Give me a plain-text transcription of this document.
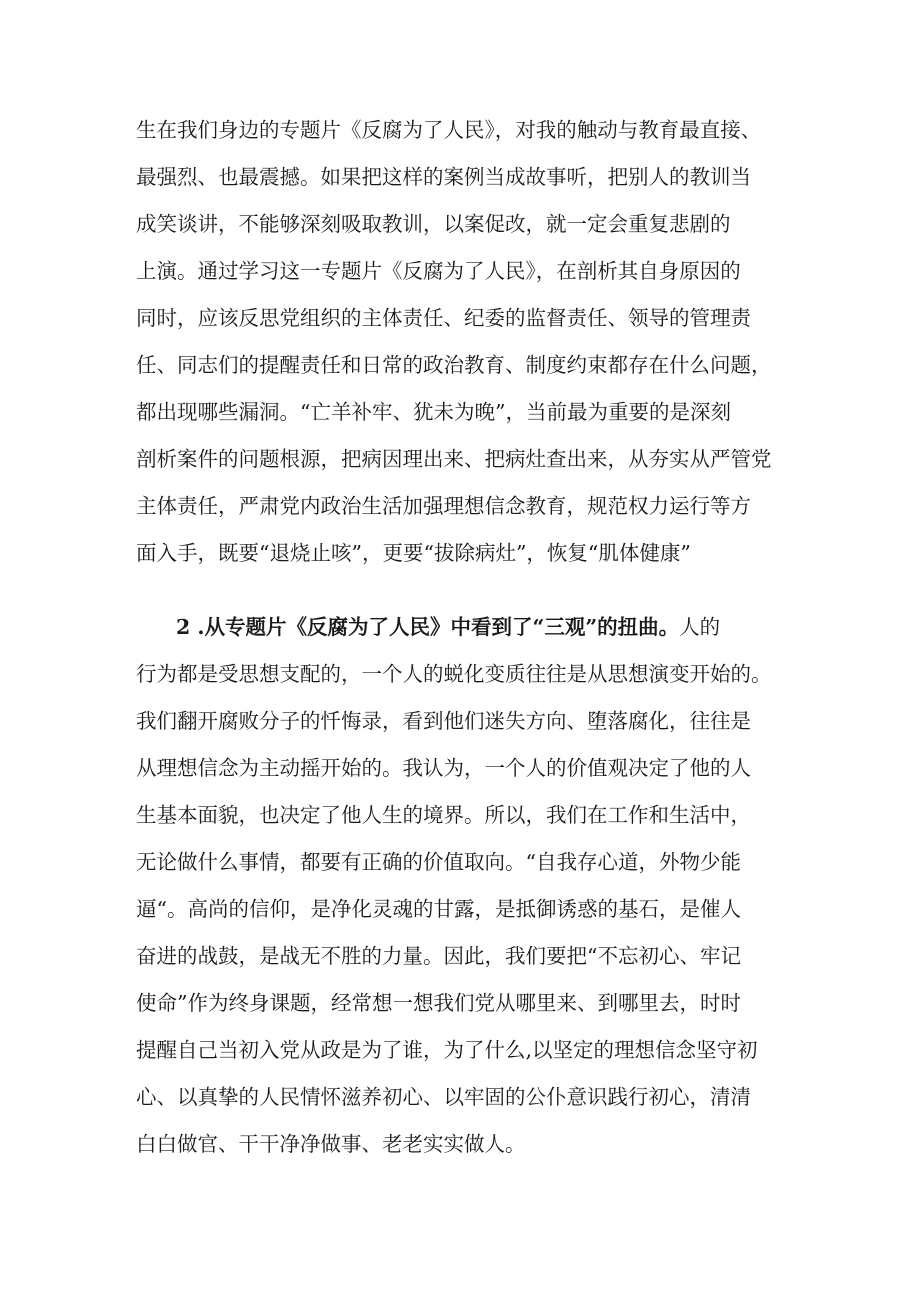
生在我们身边的专题片《反腐为了人民》，对我的触动与教育最直接、
最强烈、也最震撼。如果把这样的案例当成故事听，把别人的教训当
成笑谈讲，不能够深刻吸取教训，以案促改，就一定会重复悲剧的
上演。通过学习这一专题片《反腐为了人民》，在剖析其自身原因的
同时，应该反思党组织的主体责任、纪委的监督责任、领导的管理责
任、同志们的提醒责任和日常的政治教育、制度约束都存在什么问题，
都出现哪些漏洞。“亡羊补牢、犹未为晚”，当前最为重要的是深刻
剖析案件的问题根源，把病因理出来、把病灶查出来，从夯实从严管党
主体责任，严肃党内政治生活加强理想信念教育，规范权力运行等方
面入手，既要“退烧止咳”，更要“拔除病灶”，恢复“肌体健康”
2 .从专题片《反腐为了人民》中看到了“三观”的扭曲。人的
行为都是受思想支配的，一个人的蜕化变质往往是从思想演变开始的。
我们翻开腐败分子的忏悔录，看到他们迷失方向、堕落腐化，往往是
从理想信念为主动摇开始的。我认为，一个人的价值观决定了他的人
生基本面貌，也决定了他人生的境界。所以，我们在工作和生活中，
无论做什么事情，都要有正确的价值取向。“自我存心道，外物少能
逼“。高尚的信仰，是净化灵魂的甘露，是抵御诱惑的基石，是催人
奋进的战鼓，是战无不胜的力量。因此，我们要把“不忘初心、牢记
使命”作为终身课题，经常想一想我们党从哪里来、到哪里去，时时
提醒自己当初入党从政是为了谁，为了什么,以坚定的理想信念坚守初
心、以真挚的人民情怀滋养初心、以牢固的公仆意识践行初心，清清
白白做官、干干净净做事、老老实实做人。
